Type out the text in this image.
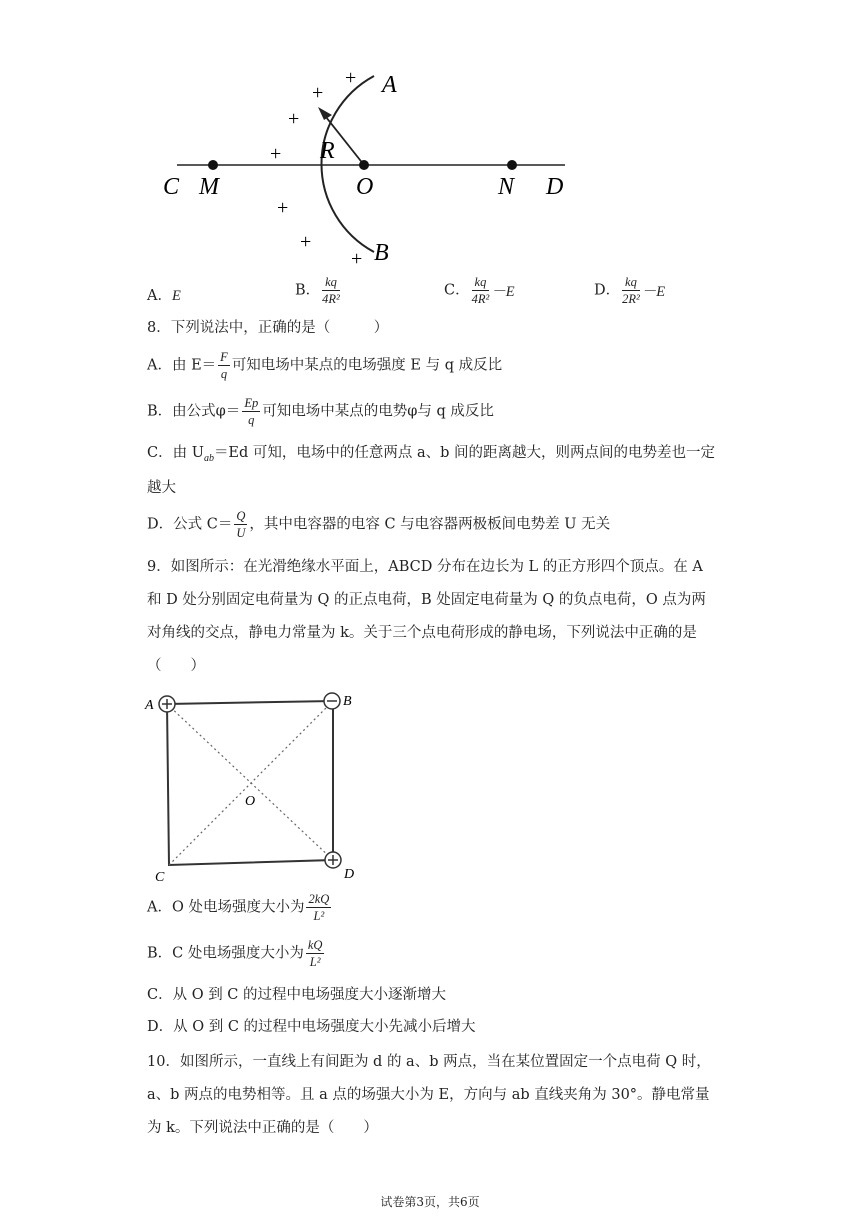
+
+
+
+
+
+
+
A
B
R
C M	O	N D
A．E	B． $\frac{kq}{\text{4R²}}$	C． $\frac{kq}{\text{4R²}} -E$	D． $\frac{kq}{\text{2R²}} -E$
8．下列说法中，正确的是（　　　）
A．由 $E= \frac{F}{q}$ 可知电场中某点的电场强度 E 与 q 成反比
B．由公式$\varphi= \frac{Ep}{q}$ 可知电场中某点的电势φ与 q 成反比
C．由 $U_{ab}=Ed$ 可知，电场中的任意两点 a、b 间的距离越大，则两点间的电势差也一定
越大
D．公式 $C= \frac{Q}{U}$ ，其中电容器的电容 C 与电容器两极板间电势差 U 无关
9．如图所示：在光滑绝缘水平面上，ABCD 分布在边长为 L 的正方形四个顶点。在 A
和 D 处分别固定电荷量为 Q 的正点电荷，B 处固定电荷量为 Q 的负点电荷，O 点为两
对角线的交点，静电力常量为 k。关于三个点电荷形成的静电场，下列说法中正确的是
（　　）
A	B
O
C	D
A．O 处电场强度大小为 $\frac{2kQ}{\text{L²}}$
B．C 处电场强度大小为 $\frac{kQ}{\text{L²}}$
C．从 O 到 C 的过程中电场强度大小逐渐增大
D．从 O 到 C 的过程中电场强度大小先减小后增大
10．如图所示，一直线上有间距为 d 的 a、b 两点，当在某位置固定一个点电荷 Q 时，
a、b 两点的电势相等。且 a 点的场强大小为 E，方向与 ab 直线夹角为 30°。静电常量
为 k。下列说法中正确的是（　　）
试卷第3页，共6页
